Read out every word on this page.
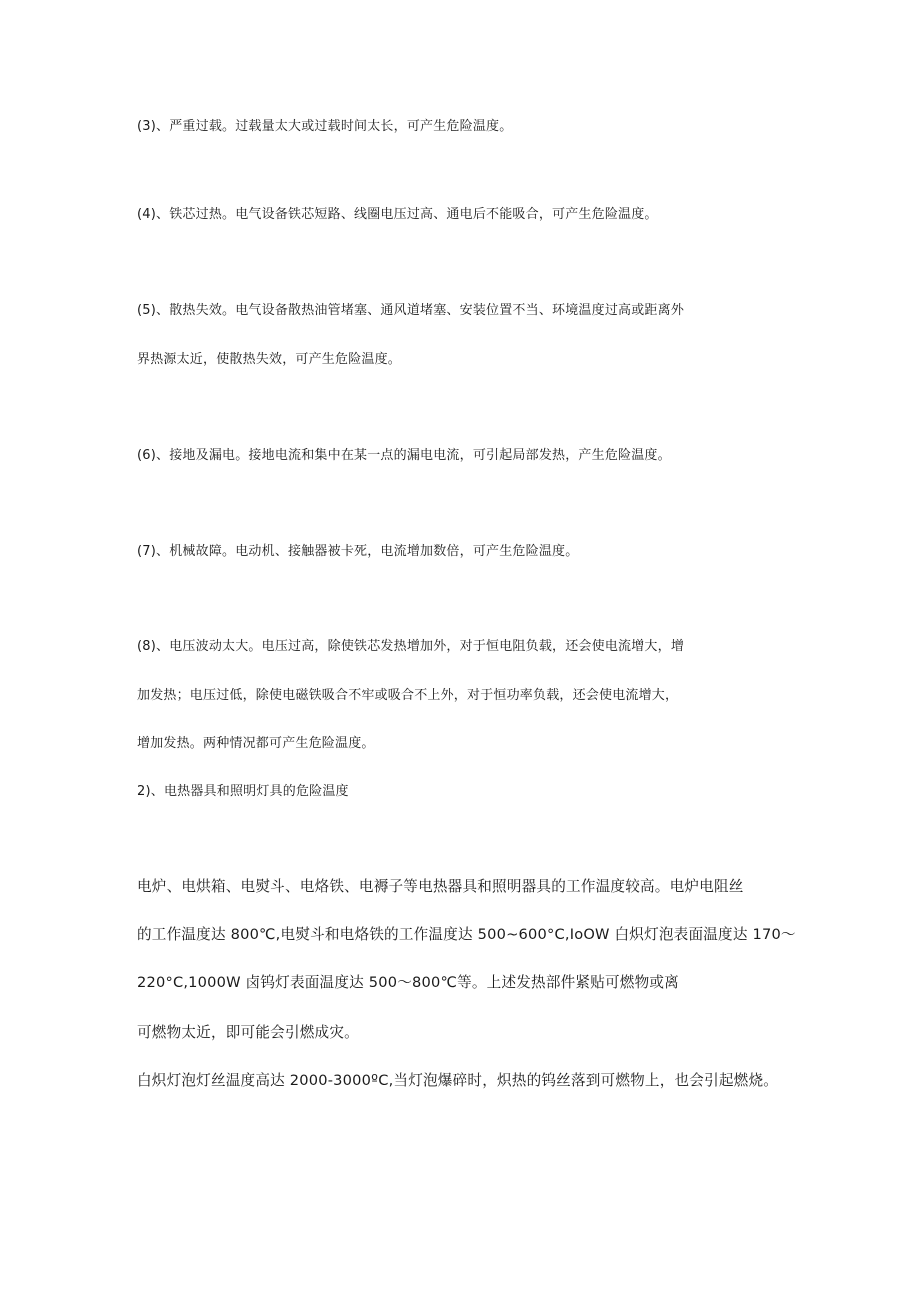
(3)、严重过载。过载量太大或过载时间太长，可产生危险温度。

(4)、铁芯过热。电气设备铁芯短路、线圈电压过高、通电后不能吸合，可产生危险温度。

(5)、散热失效。电气设备散热油管堵塞、通风道堵塞、安装位置不当、环境温度过高或距离外

界热源太近，使散热失效，可产生危险温度。

(6)、接地及漏电。接地电流和集中在某一点的漏电电流，可引起局部发热，产生危险温度。

(7)、机械故障。电动机、接触器被卡死，电流增加数倍，可产生危险温度。

(8)、电压波动太大。电压过高，除使铁芯发热增加外，对于恒电阻负载，还会使电流增大，增

加发热；电压过低，除使电磁铁吸合不牢或吸合不上外，对于恒功率负载，还会使电流增大，

增加发热。两种情况都可产生危险温度。

2)、电热器具和照明灯具的危险温度

电炉、电烘箱、电熨斗、电烙铁、电褥子等电热器具和照明器具的工作温度较高。电炉电阻丝

的工作温度达 800℃,电熨斗和电烙铁的工作温度达 500~600°C,IoOW 白炽灯泡表面温度达 170～

220°C,1000W 卤钨灯表面温度达 500～800℃等。上述发热部件紧贴可燃物或离

可燃物太近，即可能会引燃成灾。

白炽灯泡灯丝温度高达 2000-3000ºC,当灯泡爆碎时，炽热的钨丝落到可燃物上，也会引起燃烧。
